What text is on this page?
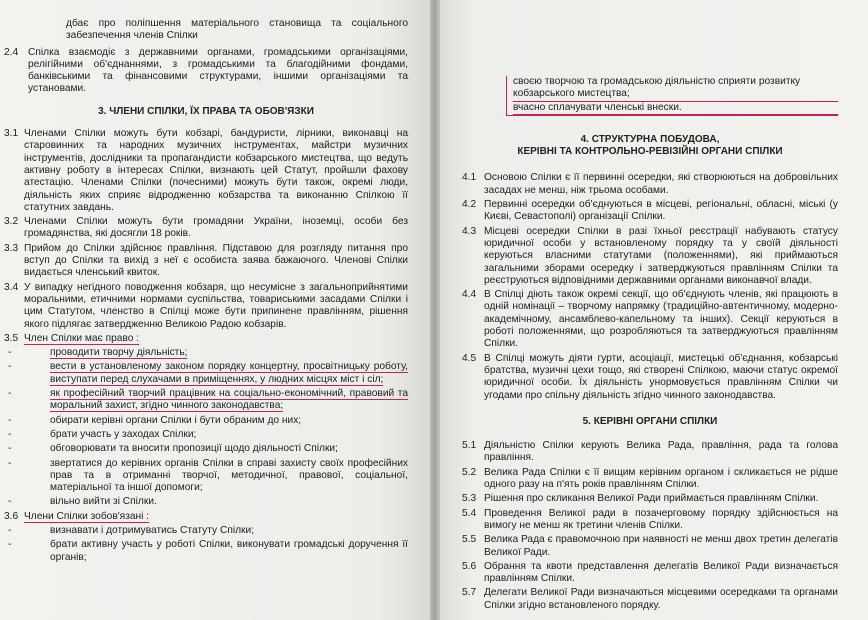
дбає про поліпшення матеріального становища та соціального забезпечення членів Спілки
2.4 Спілка взаємодіє з державними органами, громадськими організаціями, релігійними об'єднаннями, з громадськими та благодійними фондами, банківськими та фінансовими структурами, іншими організаціями та установами.
3. ЧЛЕНИ СПІЛКИ, ЇХ ПРАВА ТА ОБОВ'ЯЗКИ
3.1 Членами Спілки можуть бути кобзарі, бандуристи, лірники, виконавці на старовинних та народних музичних інструментах, майстри музичних інструментів, дослідники та пропагандисти кобзарського мистецтва, що ведуть активну роботу в інтересах Спілки, визнають цей Статут, пройшли фахову атестацію. Членами Спілки (почесними) можуть бути також, окремі люди, діяльність яких сприяє відродженню кобзарства та виконанню Спілкою її статутних завдань.
3.2 Членами Спілки можуть бути громадяни України, іноземці, особи без громадянства, які досягли 18 років.
3.3 Прийом до Спілки здійснює правління. Підставою для розгляду питання про вступ до Спілки та вихід з неї є особиста заява бажаючого. Членові Спілки видається членський квиток.
3.4 У випадку негідного поводження кобзаря, що несумісне з загальноприйнятими моральними, етичними нормами суспільства, товариськими засадами Спілки і цим Статутом, членство в Спілці може бути припинене правлінням, рішення якого підлягає затвердженню Великою Радою кобзарів.
3.5 Член Спілки має право :
-	проводити творчу діяльність;
-	вести в установленому законом порядку концертну, просвітницьку роботу, виступати перед слухачами в приміщеннях, у людних місцях міст і сіл;
-	як професійний творчий працівник на соціально-економічний, правовий та моральний захист, згідно чинного законодавства;
-	обирати керівні органи Спілки і бути обраним до них;
-	брати участь у заходах Спілки;
-	обговорювати та вносити пропозиції щодо діяльності Спілки;
-	звертатися до керівних органів Спілки в справі захисту своїх професійних прав та в отриманні творчої, методичної, правової, соціальної, матеріальної та іншої допомоги;
-	вільно вийти зі Спілки.
3.6 Члени Спілки зобов'язані :
-	визнавати і дотримуватись Статуту Спілки;
-	брати активну участь у роботі Спілки, виконувати громадські доручення її органів;
своєю творчою та громадською діяльністю сприяти розвитку кобзарського мистецтва;
вчасно сплачувати членські внески.
4. СТРУКТУРНА ПОБУДОВА,
КЕРІВНІ ТА КОНТРОЛЬНО-РЕВІЗІЙНІ ОРГАНИ СПІЛКИ
4.1 Основою Спілки є її первинні осередки, які створюються на добровільних засадах не менш, ніж трьома особами.
4.2 Первинні осередки об'єднуються в місцеві, регіональні, обласні, міські (у Києві, Севастополі) організації Спілки.
4.3 Місцеві осередки Спілки в разі їхньої реєстрації набувають статусу юридичної особи у встановленому порядку та у своїй діяльності керуються власними статутами (положеннями), які приймаються загальними зборами осередку і затверджуються правлінням Спілки та реєструються відповідними державними органами виконавчої влади.
4.4 В Спілці діють також окремі секції, що об'єднують членів, які працюють в одній номінації – творчому напрямку (традиційно-автентичному, модерно-академічному, ансамблево-капельному та інших). Секції керуються в роботі положеннями, що розробляються та затверджуються правлінням Спілки.
4.5 В Спілці можуть діяти гурти, асоціації, мистецькі об'єднання, кобзарські братства, музичні цехи тощо, які створені Спілкою, маючи статус окремої юридичної особи. Їх діяльність унормовується правлінням Спілки чи угодами про спільну діяльність згідно чинного законодавства.
5. КЕРІВНІ ОРГАНИ СПІЛКИ
5.1 Діяльністю Спілки керують Велика Рада, правління, рада та голова правління.
5.2 Велика Рада Спілки є її вищим керівним органом і скликається не рідше одного разу на п'ять років правлінням Спілки.
5.3 Рішення про скликання Великої Ради приймається правлінням Спілки.
5.4 Проведення Великої ради в позачерговому порядку здійснюється на вимогу не менш як третини членів Спілки.
5.5 Велика Рада є правомочною при наявності не менш двох третин делегатів Великої Ради.
5.6 Обрання та квоти представлення делегатів Великої Ради визначається правлінням Спілки.
5.7 Делегати Великої Ради визначаються місцевими осередками та органами Спілки згідно встановленого порядку.
